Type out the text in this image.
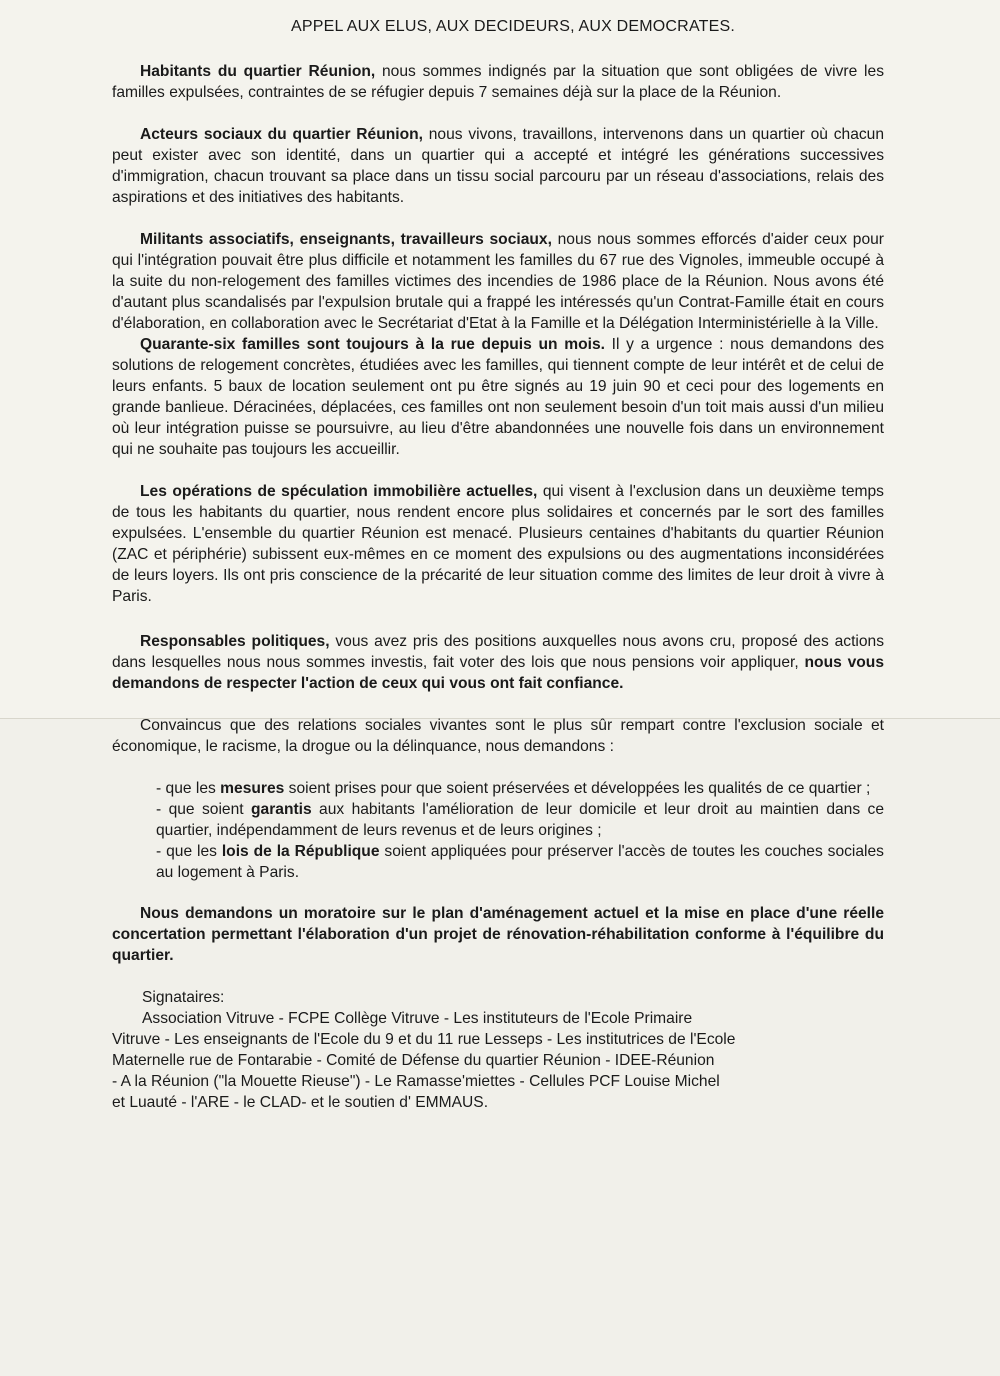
APPEL AUX ELUS, AUX DECIDEURS, AUX DEMOCRATES.

Habitants du quartier Réunion, nous sommes indignés par la situation que sont obligées de vivre les familles expulsées, contraintes de se réfugier depuis 7 semaines déjà sur la place de la Réunion.

Acteurs sociaux du quartier Réunion, nous vivons, travaillons, intervenons dans un quartier où chacun peut exister avec son identité, dans un quartier qui a accepté et intégré les générations successives d'immigration, chacun trouvant sa place dans un tissu social parcouru par un réseau d'associations, relais des aspirations et des initiatives des habitants.

Militants associatifs, enseignants, travailleurs sociaux, nous nous sommes efforcés d'aider ceux pour qui l'intégration pouvait être plus difficile et notamment les familles du 67 rue des Vignoles, immeuble occupé à la suite du non-relogement des familles victimes des incendies de 1986 place de la Réunion. Nous avons été d'autant plus scandalisés par l'expulsion brutale qui a frappé les intéressés qu'un Contrat-Famille était en cours d'élaboration, en collaboration avec le Secrétariat d'Etat à la Famille et la Délégation Interministérielle à la Ville.

Quarante-six familles sont toujours à la rue depuis un mois. Il y a urgence : nous demandons des solutions de relogement concrètes, étudiées avec les familles, qui tiennent compte de leur intérêt et de celui de leurs enfants. 5 baux de location seulement ont pu être signés au 19 juin 90 et ceci pour des logements en grande banlieue. Déracinées, déplacées, ces familles ont non seulement besoin d'un toit mais aussi d'un milieu où leur intégration puisse se poursuivre, au lieu d'être abandonnées une nouvelle fois dans un environnement qui ne souhaite pas toujours les accueillir.

Les opérations de spéculation immobilière actuelles, qui visent à l'exclusion dans un deuxième temps de tous les habitants du quartier, nous rendent encore plus solidaires et concernés par le sort des familles expulsées. L'ensemble du quartier Réunion est menacé. Plusieurs centaines d'habitants du quartier Réunion (ZAC et périphérie) subissent eux-mêmes en ce moment des expulsions ou des augmentations inconsidérées de leurs loyers. Ils ont pris conscience de la précarité de leur situation comme des limites de leur droit à vivre à Paris.

Responsables politiques, vous avez pris des positions auxquelles nous avons cru, proposé des actions dans lesquelles nous nous sommes investis, fait voter des lois que nous pensions voir appliquer, nous vous demandons de respecter l'action de ceux qui vous ont fait confiance.

Convaincus que des relations sociales vivantes sont le plus sûr rempart contre l'exclusion sociale et économique, le racisme, la drogue ou la délinquance, nous demandons :

- que les mesures soient prises pour que soient préservées et développées les qualités de ce quartier ;
- que soient garantis aux habitants l'amélioration de leur domicile et leur droit au maintien dans ce quartier, indépendamment de leurs revenus et de leurs origines ;
- que les lois de la République soient appliquées pour préserver l'accès de toutes les couches sociales au logement à Paris.

Nous demandons un moratoire sur le plan d'aménagement actuel et la mise en place d'une réelle concertation permettant l'élaboration d'un projet de rénovation-réhabilitation conforme à l'équilibre du quartier.

Signataires:
Association Vitruve - FCPE Collège Vitruve - Les instituteurs de l'Ecole Primaire
Vitruve - Les enseignants de l'Ecole du 9 et du 11 rue Lesseps - Les institutrices de l'Ecole
Maternelle rue de Fontarabie - Comité de Défense du quartier Réunion - IDEE-Réunion
- A la Réunion ("la Mouette Rieuse") - Le Ramasse'miettes - Cellules PCF Louise Michel
et Luauté - l'ARE - le CLAD- et le soutien d' EMMAUS.
